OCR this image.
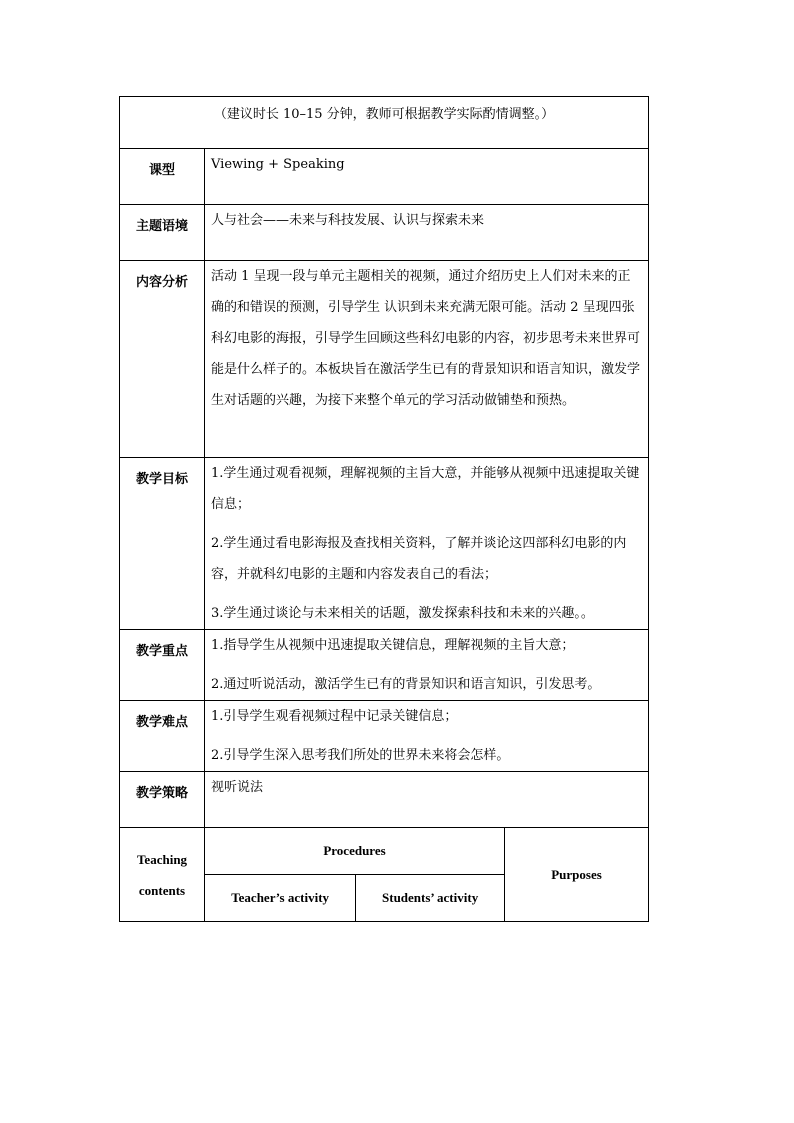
（建议时长 10–15 分钟，教师可根据教学实际酌情调整。）	
课型	Viewing + Speaking
主题语境	人与社会——未来与科技发展、认识与探索未来
内容分析	活动 1 呈现一段与单元主题相关的视频，通过介绍历史上人们对未来的正确的和错误的预测，引导学生 认识到未来充满无限可能。活动 2 呈现四张科幻电影的海报，引导学生回顾这些科幻电影的内容，初步思考未来世界可能是什么样子的。本板块旨在激活学生已有的背景知识和语言知识，激发学生对话题的兴趣，为接下来整个单元的学习活动做铺垫和预热。
教学目标	1.学生通过观看视频，理解视频的主旨大意，并能够从视频中迅速提取关键信息；

2.学生通过看电影海报及查找相关资料，了解并谈论这四部科幻电影的内容，并就科幻电影的主题和内容发表自己的看法；

3.学生通过谈论与未来相关的话题，激发探索科技和未来的兴趣。。

教学重点	1.指导学生从视频中迅速提取关键信息，理解视频的主旨大意；

2.通过听说活动，激活学生已有的背景知识和语言知识，引发思考。

教学难点	1.引导学生观看视频过程中记录关键信息；

2.引导学生深入思考我们所处的世界未来将会怎样。

教学策略	视听说法
Teaching
contents	Procedures		Purposes
	Teacher’s activity	Students’ activity	
